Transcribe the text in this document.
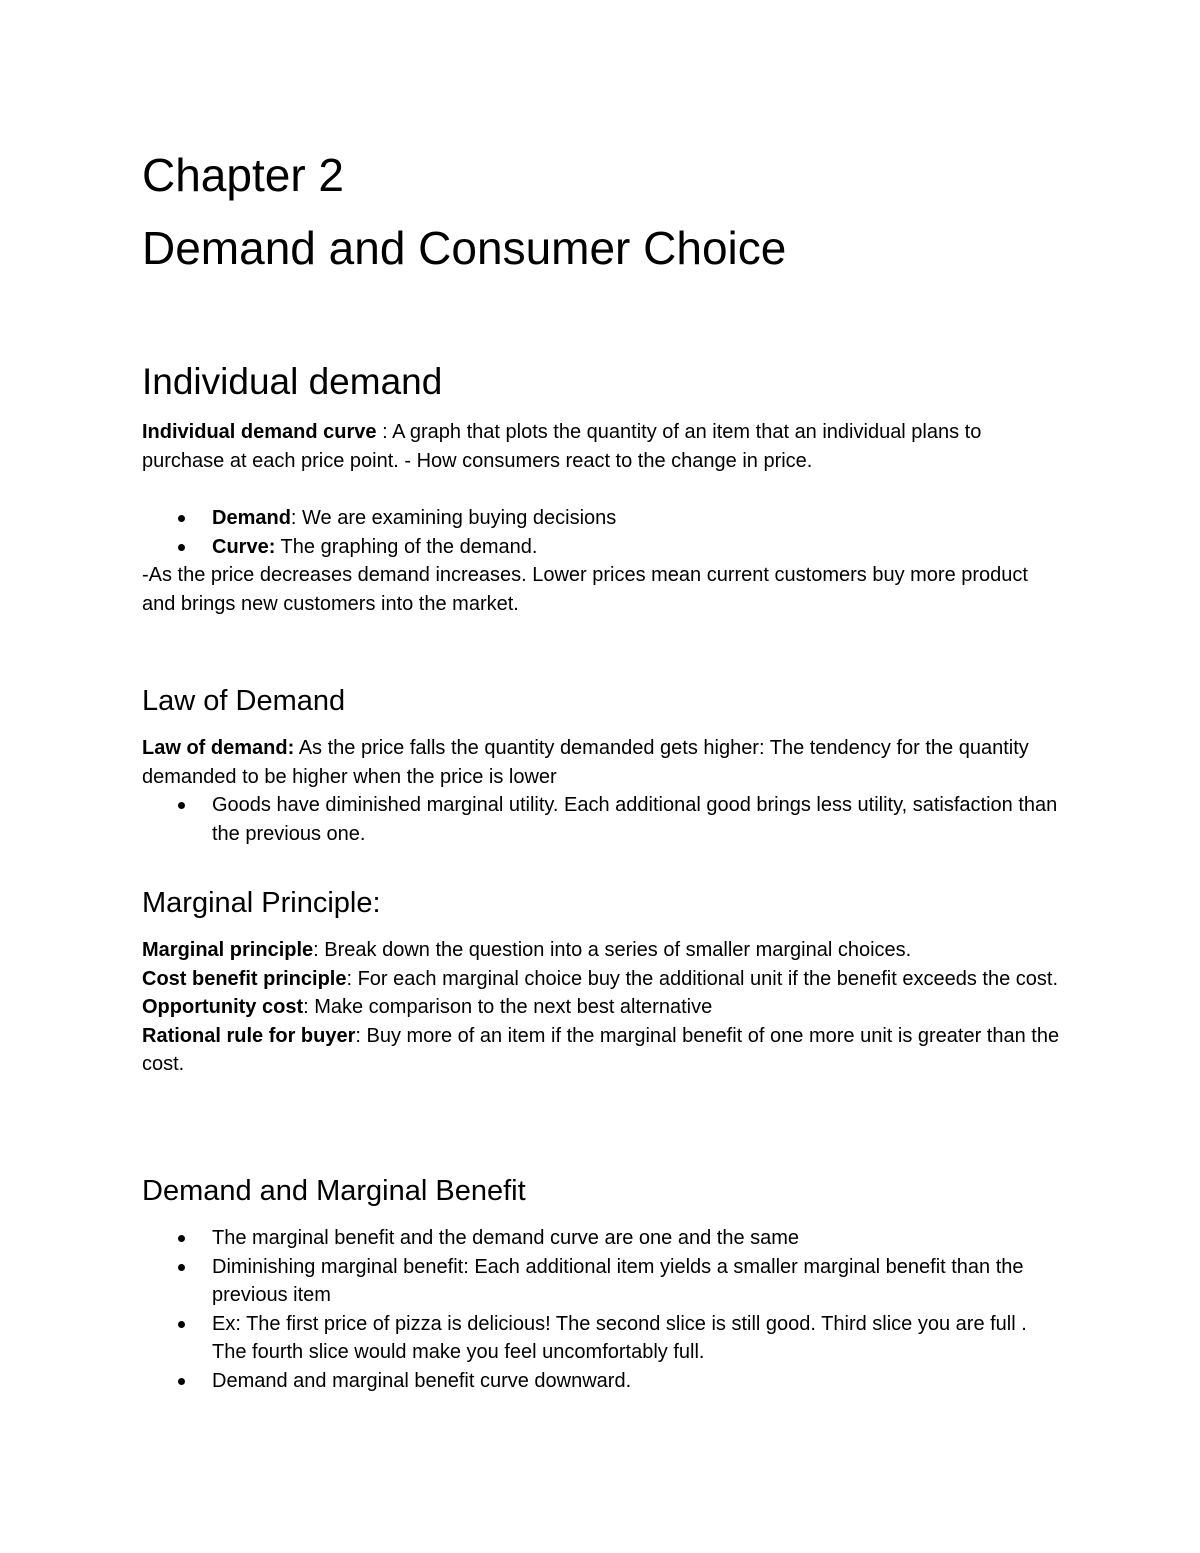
Chapter 2
Demand and Consumer Choice
Individual demand

Individual demand curve : A graph that plots the quantity of an item that an individual plans to purchase at each price point. - How consumers react to the change in price.

Demand: We are examining buying decisions
Curve: The graphing of the demand.

-As the price decreases demand increases. Lower prices mean current customers buy more product and brings new customers into the market.

Law of Demand

Law of demand: As the price falls the quantity demanded gets higher: The tendency for the quantity demanded to be higher when the price is lower

Goods have diminished marginal utility. Each additional good brings less utility, satisfaction than the previous one.
Marginal Principle:

Marginal principle: Break down the question into a series of smaller marginal choices.
Cost benefit principle: For each marginal choice buy the additional unit if the benefit exceeds the cost.
Opportunity cost: Make comparison to the next best alternative
Rational rule for buyer: Buy more of an item if the marginal benefit of one more unit is greater than the cost.

Demand and Marginal Benefit
The marginal benefit and the demand curve are one and the same
Diminishing marginal benefit: Each additional item yields a smaller marginal benefit than the previous item
Ex: The first price of pizza is delicious! The second slice is still good. Third slice you are full . The fourth slice would make you feel uncomfortably full.
Demand and marginal benefit curve downward.
